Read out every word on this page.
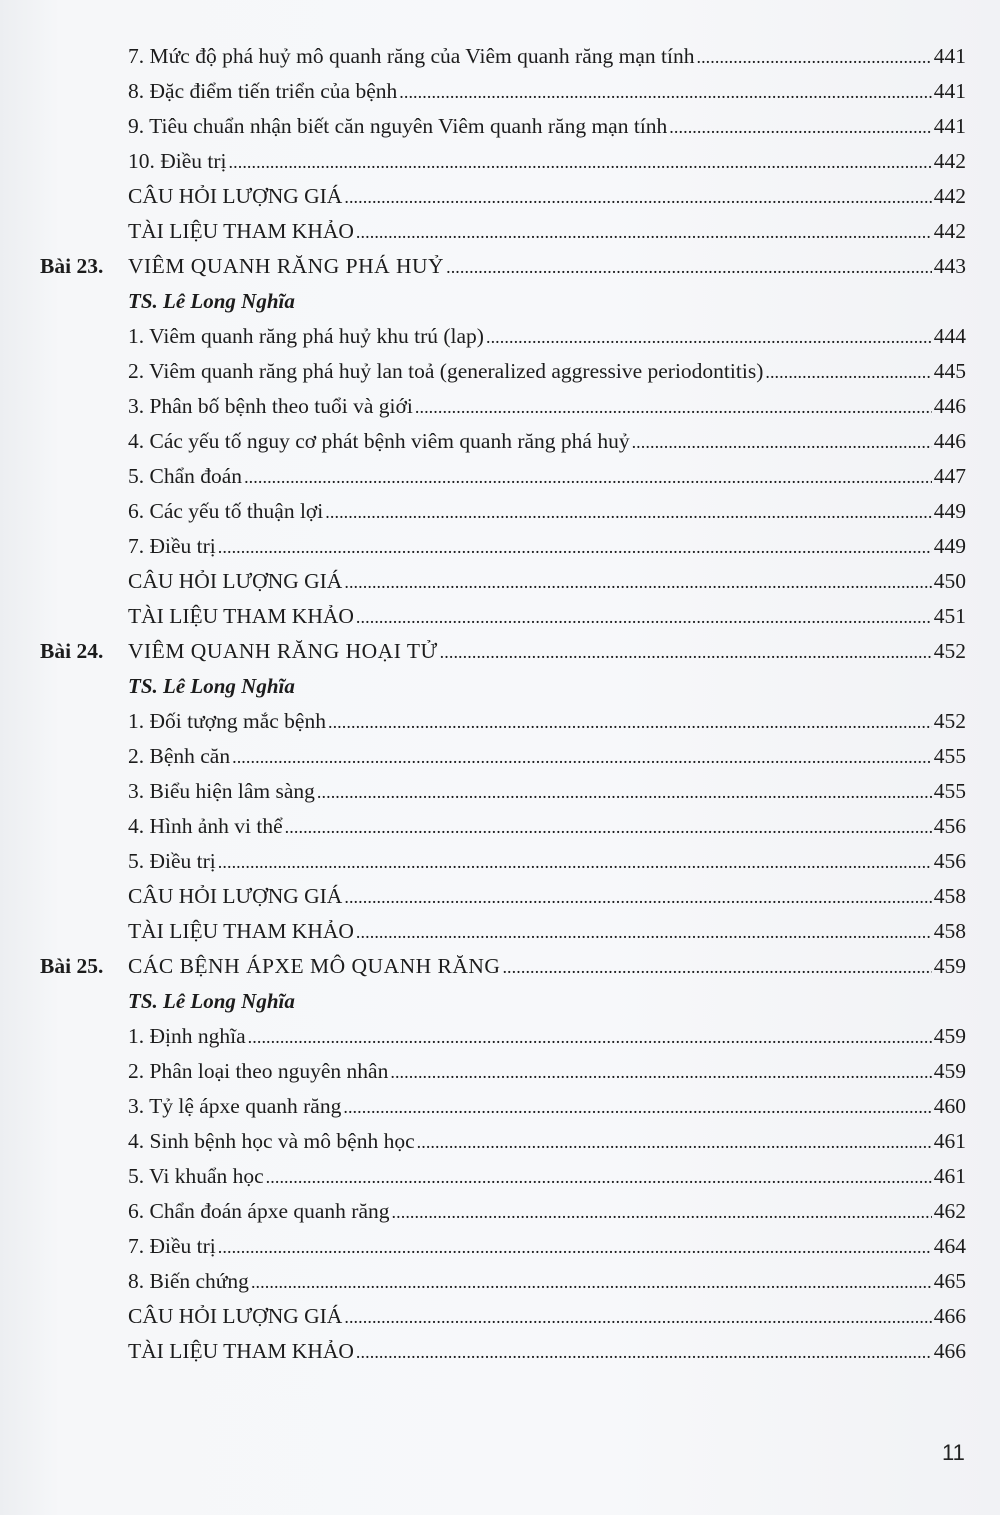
7. Mức độ phá huỷ mô quanh răng của Viêm quanh răng mạn tính . . .	441
8. Đặc điểm tiến triển của bệnh . . .	441
9. Tiêu chuẩn nhận biết căn nguyên Viêm quanh răng mạn tính . . .	441
10. Điều trị . . .	442
CÂU HỎI LƯỢNG GIÁ . . .	442
TÀI LIỆU THAM KHẢO . . .	442
Bài 23.	VIÊM QUANH RĂNG PHÁ HUỶ . . .	443
TS. Lê Long Nghĩa
1. Viêm quanh răng phá huỷ khu trú (lap) . . .	444
2. Viêm quanh răng phá huỷ lan toả (generalized aggressive periodontitis) . . .	445
3. Phân bố bệnh theo tuổi và giới . . .	446
4. Các yếu tố nguy cơ phát bệnh viêm quanh răng phá huỷ . . .	446
5. Chẩn đoán . . .	447
6. Các yếu tố thuận lợi . . .	449
7. Điều trị . . .	449
CÂU HỎI LƯỢNG GIÁ . . .	450
TÀI LIỆU THAM KHẢO . . .	451
Bài 24.	VIÊM QUANH RĂNG HOẠI TỬ . . .	452
TS. Lê Long Nghĩa
1. Đối tượng mắc bệnh . . .	452
2. Bệnh căn . . .	455
3. Biểu hiện lâm sàng . . .	455
4. Hình ảnh vi thể . . .	456
5. Điều trị . . .	456
CÂU HỎI LƯỢNG GIÁ . . .	458
TÀI LIỆU THAM KHẢO . . .	458
Bài 25.	CÁC BỆNH ÁPXE MÔ QUANH RĂNG . . .	459
TS. Lê Long Nghĩa
1. Định nghĩa . . .	459
2. Phân loại theo nguyên nhân . . .	459
3. Tỷ lệ ápxe quanh răng . . .	460
4. Sinh bệnh học và mô bệnh học . . .	461
5. Vi khuẩn học . . .	461
6. Chẩn đoán ápxe quanh răng . . .	462
7. Điều trị . . .	464
8. Biến chứng . . .	465
CÂU HỎI LƯỢNG GIÁ . . .	466
TÀI LIỆU THAM KHẢO . . .	466
11
